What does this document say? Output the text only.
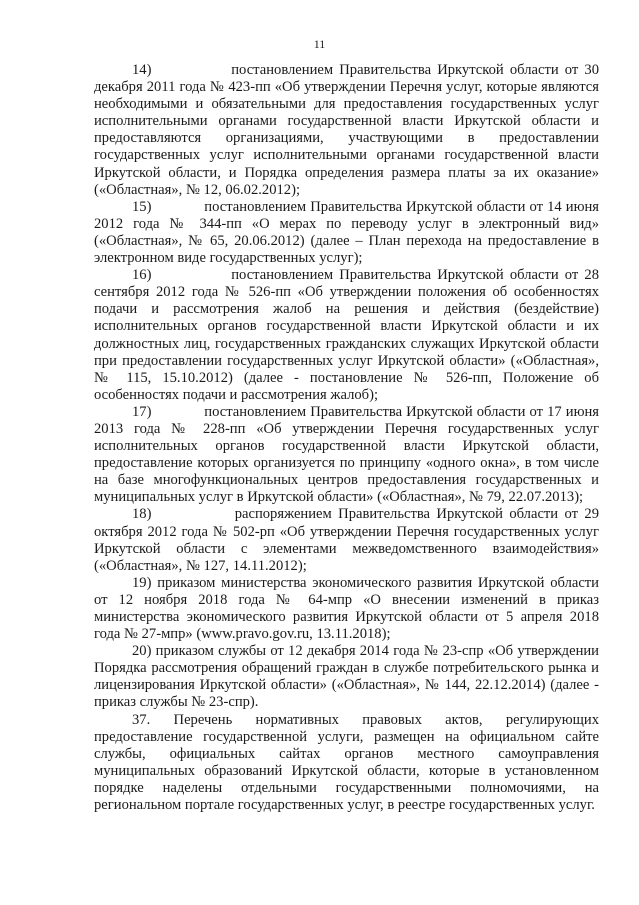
11

14)             постановлением Правительства Иркутской области от 30 декабря 2011 года № 423-пп «Об утверждении Перечня услуг, которые являются необходимыми и обязательными для предоставления государственных услуг исполнительными органами государственной власти Иркутской области и предоставляются организациями, участвующими в предоставлении государственных услуг исполнительными органами государственной власти Иркутской области, и Порядка определения размера платы за их оказание» («Областная», № 12, 06.02.2012);

15)             постановлением Правительства Иркутской области от 14 июня 2012 года № 344-пп «О мерах по переводу услуг в электронный вид» («Областная», № 65, 20.06.2012) (далее – План перехода на предоставление в электронном виде государственных услуг);

16)             постановлением Правительства Иркутской области от 28 сентября 2012 года № 526-пп «Об утверждении положения об особенностях подачи и рассмотрения жалоб на решения и действия (бездействие) исполнительных органов государственной власти Иркутской области и их должностных лиц, государственных гражданских служащих Иркутской области при предоставлении государственных услуг Иркутской области» («Областная», № 115, 15.10.2012) (далее - постановление № 526-пп, Положение об особенностях подачи и рассмотрения жалоб);

17)             постановлением Правительства Иркутской области от 17 июня 2013 года № 228-пп «Об утверждении Перечня государственных услуг исполнительных органов государственной власти Иркутской области, предоставление которых организуется по принципу «одного окна», в том числе на базе многофункциональных центров предоставления государственных и муниципальных услуг в Иркутской области» («Областная», № 79, 22.07.2013);

18)             распоряжением Правительства Иркутской области от 29 октября 2012 года № 502-рп «Об утверждении Перечня государственных услуг Иркутской области с элементами межведомственного взаимодействия» («Областная», № 127, 14.11.2012);

19) приказом министерства экономического развития Иркутской области от 12 ноября 2018 года № 64-мпр «О внесении изменений в приказ министерства экономического развития Иркутской области от 5 апреля 2018 года № 27-мпр» (www.pravo.gov.ru, 13.11.2018);

20) приказом службы от 12 декабря 2014 года № 23-спр «Об утверждении Порядка рассмотрения обращений граждан в службе потребительского рынка и лицензирования Иркутской области» («Областная», № 144, 22.12.2014) (далее - приказ службы № 23-спр).

37. Перечень нормативных правовых актов, регулирующих предоставление государственной услуги, размещен на официальном сайте службы, официальных сайтах органов местного самоуправления муниципальных образований Иркутской области, которые в установленном порядке наделены отдельными государственными полномочиями, на региональном портале государственных услуг, в реестре государственных услуг.
